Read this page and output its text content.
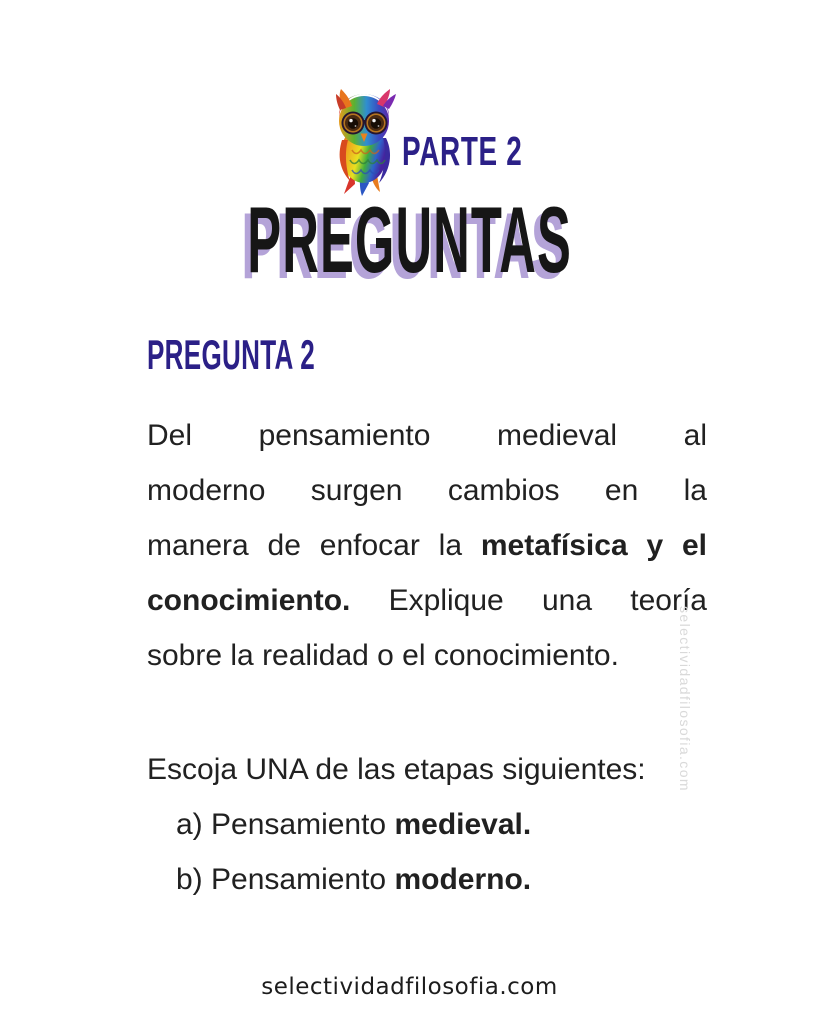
PARTE 2
PREGUNTAS
PREGUNTA 2
Del pensamiento medieval al
moderno surgen cambios en la
manera de enfocar la metafísica y el
conocimiento. Explique una teoría
sobre la realidad o el conocimiento.
Escoja UNA de las etapas siguientes:
a) Pensamiento medieval.
b) Pensamiento moderno.
selectividadfilosofia.com
selectividadfilosofia.com
